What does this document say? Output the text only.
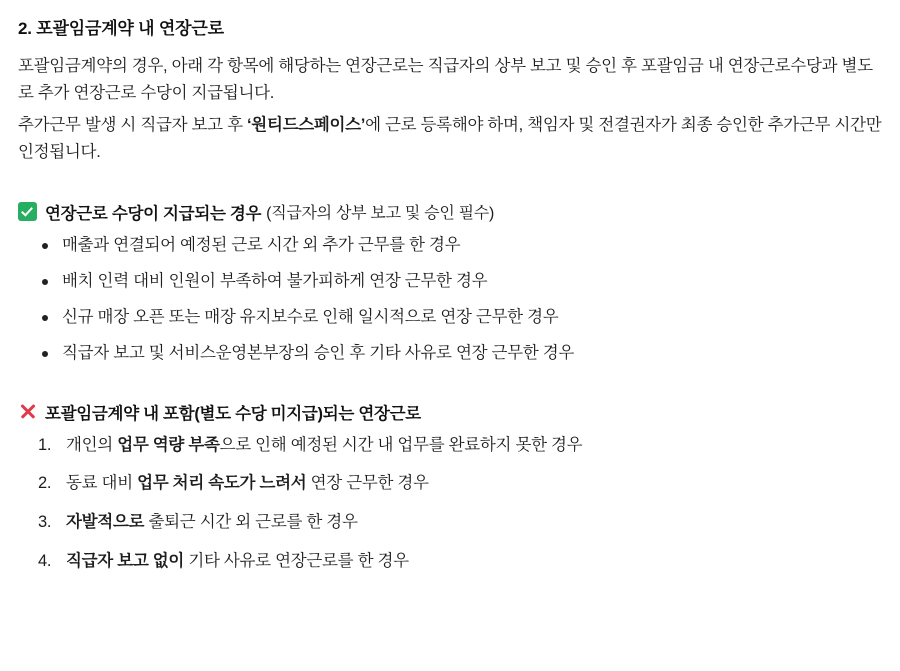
2. 포괄임금계약 내 연장근로

포괄임금계약의 경우, 아래 각 항목에 해당하는 연장근로는 직급자의 상부 보고 및 승인 후 포괄임금 내 연장근로수당과 별도로 추가 연장근로 수당이 지급됩니다.

추가근무 발생 시 직급자 보고 후 ‘원티드스페이스’에 근로 등록해야 하며, 책임자 및 전결권자가 최종 승인한 추가근무 시간만 인정됩니다.

연장근로 수당이 지급되는 경우 (직급자의 상부 보고 및 승인 필수)
매출과 연결되어 예정된 근로 시간 외 추가 근무를 한 경우
배치 인력 대비 인원이 부족하여 불가피하게 연장 근무한 경우
신규 매장 오픈 또는 매장 유지보수로 인해 일시적으로 연장 근무한 경우
직급자 보고 및 서비스운영본부장의 승인 후 기타 사유로 연장 근무한 경우
포괄임금계약 내 포함(별도 수당 미지급)되는 연장근로
개인의 업무 역량 부족으로 인해 예정된 시간 내 업무를 완료하지 못한 경우
동료 대비 업무 처리 속도가 느려서 연장 근무한 경우
자발적으로 출퇴근 시간 외 근로를 한 경우
직급자 보고 없이 기타 사유로 연장근로를 한 경우
